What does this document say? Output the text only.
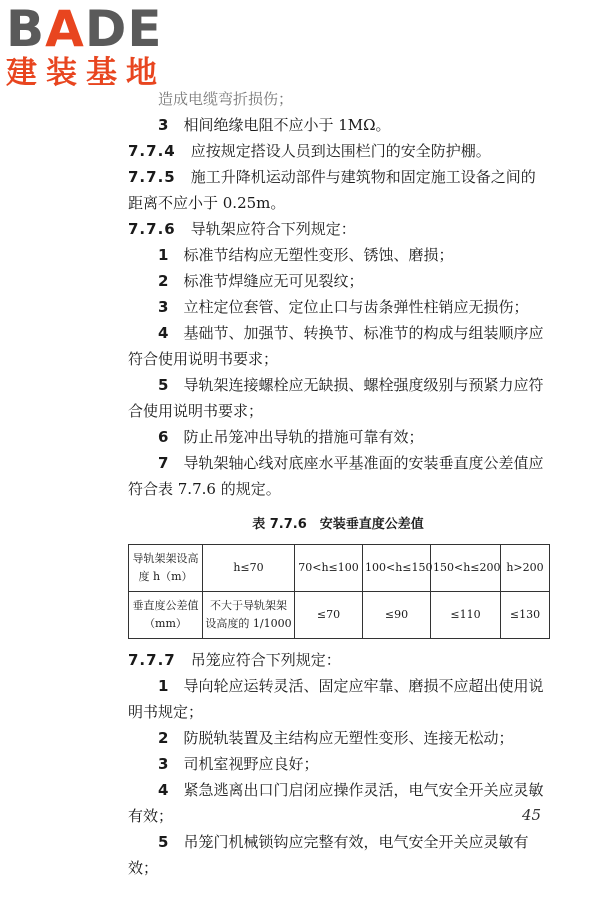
BADE
建装基地
造成电缆弯折损伤；
3  相间绝缘电阻不应小于 1MΩ。
7.7.4  应按规定搭设人员到达围栏门的安全防护棚。
7.7.5  施工升降机运动部件与建筑物和固定施工设备之间的距离不应小于 0.25m。
7.7.6  导轨架应符合下列规定：
1  标准节结构应无塑性变形、锈蚀、磨损；
2  标准节焊缝应无可见裂纹；
3  立柱定位套管、定位止口与齿条弹性柱销应无损伤；
4  基础节、加强节、转换节、标准节的构成与组装顺序应符合使用说明书要求；
5  导轨架连接螺栓应无缺损、螺栓强度级别与预紧力应符合使用说明书要求；
6  防止吊笼冲出导轨的措施可靠有效；
7  导轨架轴心线对底座水平基准面的安装垂直度公差值应符合表 7.7.6 的规定。
表 7.7.6　安装垂直度公差值
导轨架架设高度 h（m）	h≤70	70<h≤100	100<h≤150	150<h≤200	h>200
垂直度公差值（mm）	不大于导轨架架设高度的 1/1000	≤70	≤90	≤110	≤130
7.7.7  吊笼应符合下列规定：
1  导向轮应运转灵活、固定应牢靠、磨损不应超出使用说明书规定；
2  防脱轨装置及主结构应无塑性变形、连接无松动；
3  司机室视野应良好；
4  紧急逃离出口门启闭应操作灵活，电气安全开关应灵敏有效；
5  吊笼门机械锁钩应完整有效，电气安全开关应灵敏有效；
45
